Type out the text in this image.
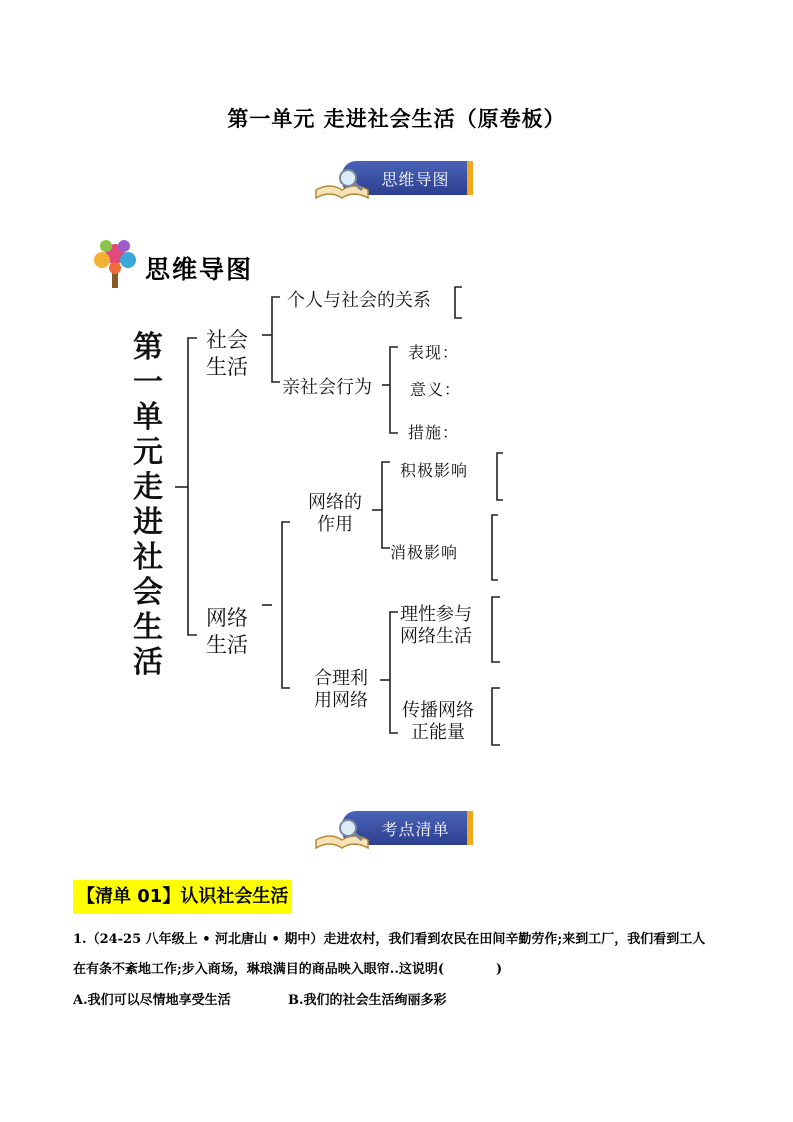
第一单元 走进社会生活（原卷板）
思维导图
思维导图
第一单元走进社会生活
社会
生活
个人与社会的关系
亲社会行为
表现：
意义：
措施：
网络
生活
网络的
作用
积极影响
消极影响
合理利
用网络
理性参与
网络生活
传播网络
正能量
考点清单
【清单 01】认识社会生活
1.（24-25 八年级上 • 河北唐山 • 期中）走进农村，我们看到农民在田间辛勤劳作;来到工厂，我们看到工人
在有条不紊地工作;步入商场，琳琅满目的商品映入眼帘..这说明(　　　　)
A.我们可以尽情地享受生活	B.我们的社会生活绚丽多彩
